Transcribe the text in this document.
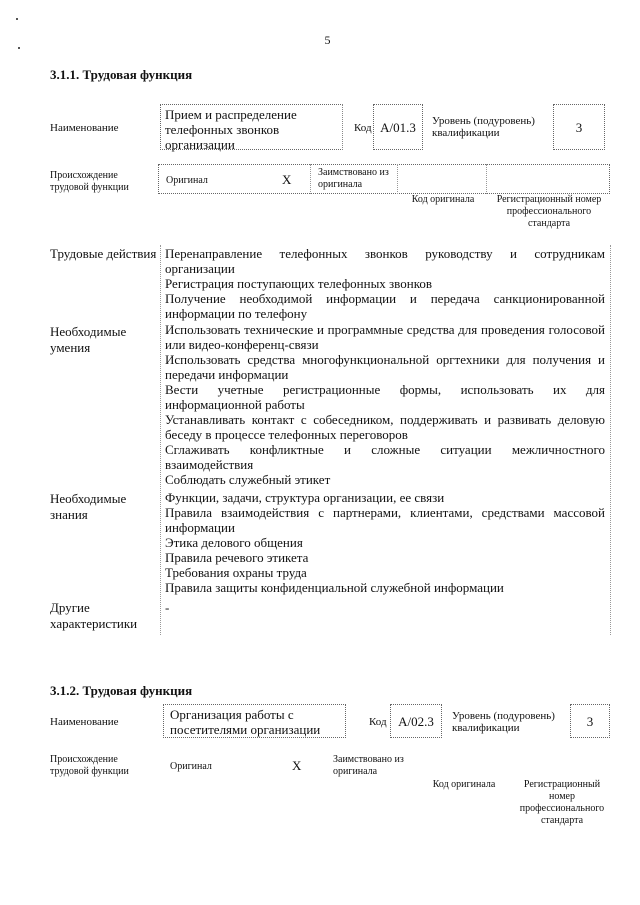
5
3.1.1. Трудовая функция
Наименование
Прием и распределение телефонных звонков организации
Код А/01.3	Уровень (подуровень) квалификации	3
Происхождение трудовой функции
Оригинал	X	Заимствовано из оригинала
Код оригинала	Регистрационный номер профессионального стандарта
Трудовые действия Перенаправление телефонных звонков руководству и сотрудникам организации
Регистрация поступающих телефонных звонков
Получение необходимой информации и передача санкционированной информации по телефону
Необходимые умения
Использовать технические и программные средства для проведения голосовой или видео-конференц-связи
Использовать средства многофункциональной оргтехники для получения и передачи информации
Вести учетные регистрационные формы, использовать их для информационной работы
Устанавливать контакт с собеседником, поддерживать и развивать деловую беседу в процессе телефонных переговоров
Сглаживать конфликтные и сложные ситуации межличностного взаимодействия
Соблюдать служебный этикет
Необходимые знания
Функции, задачи, структура организации, ее связи
Правила взаимодействия с партнерами, клиентами, средствами массовой информации
Этика делового общения
Правила речевого этикета
Требования охраны труда
Правила защиты конфиденциальной служебной информации
Другие характеристики
-
3.1.2. Трудовая функция
Наименование	Организация работы с посетителями организации	Код А/02.3	Уровень (подуровень) квалификации	3
Происхождение трудовой функции	Оригинал	X	Заимствовано из оригинала
Код оригинала	Регистрационный номер профессионального стандарта
